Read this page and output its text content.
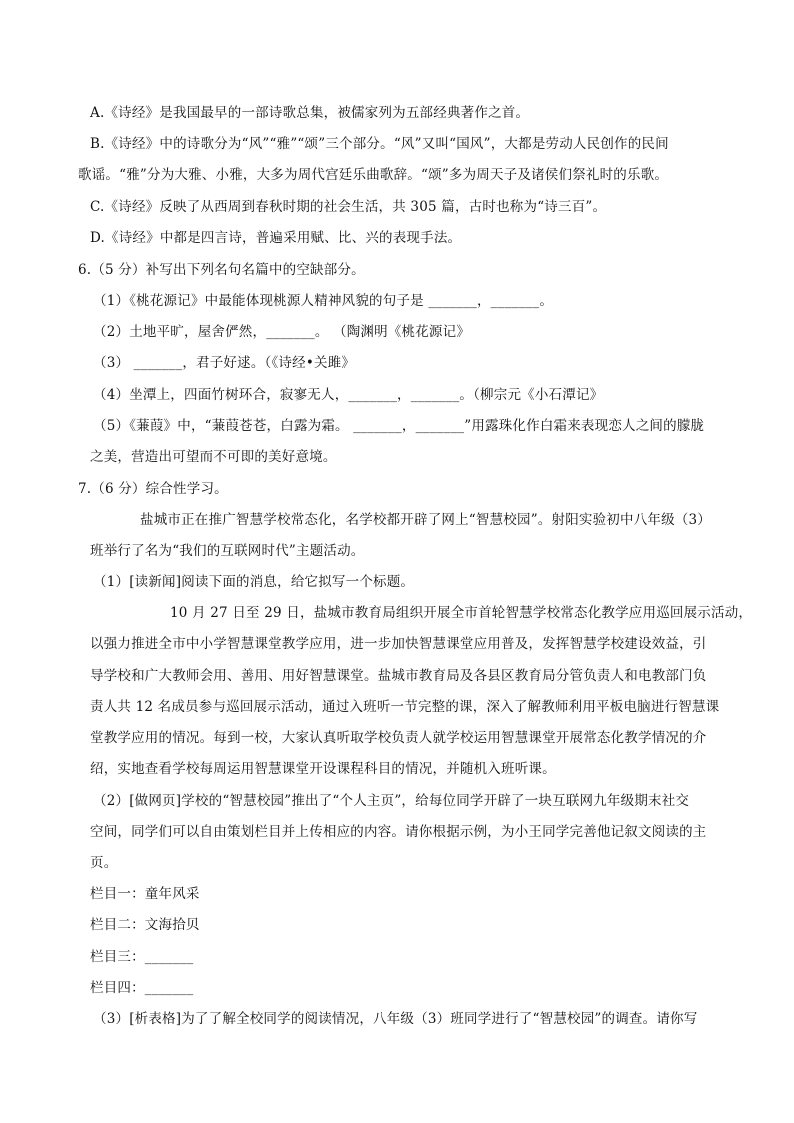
A.《诗经》是我国最早的一部诗歌总集，被儒家列为五部经典著作之首。
B.《诗经》中的诗歌分为“风”“雅”“颂”三个部分。“风”又叫“国风”，大都是劳动人民创作的民间
歌谣。“雅”分为大雅、小雅，大多为周代宫廷乐曲歌辞。“颂”多为周天子及诸侯们祭礼时的乐歌。
C.《诗经》反映了从西周到春秋时期的社会生活，共 305 篇，古时也称为“诗三百”。
D.《诗经》中都是四言诗，普遍采用赋、比、兴的表现手法。
6.（5 分）补写出下列名句名篇中的空缺部分。
（1）《桃花源记》中最能体现桃源人精神风貌的句子是 _______，_______。
（2）土地平旷，屋舍俨然，_______。 （陶渊明《桃花源记》
（3） _______，君子好逑。（《诗经•关雎》
（4）坐潭上，四面竹树环合，寂寥无人，_______，_______。（柳宗元《小石潭记》
（5）《蒹葭》中，“蒹葭苍苍，白露为霜。 _______，_______”用露珠化作白霜来表现恋人之间的朦胧
之美，营造出可望而不可即的美好意境。
7.（6 分）综合性学习。
盐城市正在推广智慧学校常态化，名学校都开辟了网上“智慧校园”。射阳实验初中八年级（3）
班举行了名为“我们的互联网时代”主题活动。
（1）[读新闻]阅读下面的消息，给它拟写一个标题。
10 月 27 日至 29 日，盐城市教育局组织开展全市首轮智慧学校常态化教学应用巡回展示活动，
以强力推进全市中小学智慧课堂教学应用，进一步加快智慧课堂应用普及，发挥智慧学校建设效益，引
导学校和广大教师会用、善用、用好智慧课堂。盐城市教育局及各县区教育局分管负责人和电教部门负
责人共 12 名成员参与巡回展示活动，通过入班听一节完整的课，深入了解教师利用平板电脑进行智慧课
堂教学应用的情况。每到一校，大家认真听取学校负责人就学校运用智慧课堂开展常态化教学情况的介
绍，实地查看学校每周运用智慧课堂开设课程科目的情况，并随机入班听课。
（2）[做网页]学校的“智慧校园”推出了“个人主页”，给每位同学开辟了一块互联网九年级期末社交
空间，同学们可以自由策划栏目并上传相应的内容。请你根据示例，为小王同学完善他记叙文阅读的主
页。
栏目一：童年风采
栏目二：文海拾贝
栏目三：_______
栏目四：_______
（3）[析表格]为了了解全校同学的阅读情况，八年级（3）班同学进行了“智慧校园”的调查。请你写
